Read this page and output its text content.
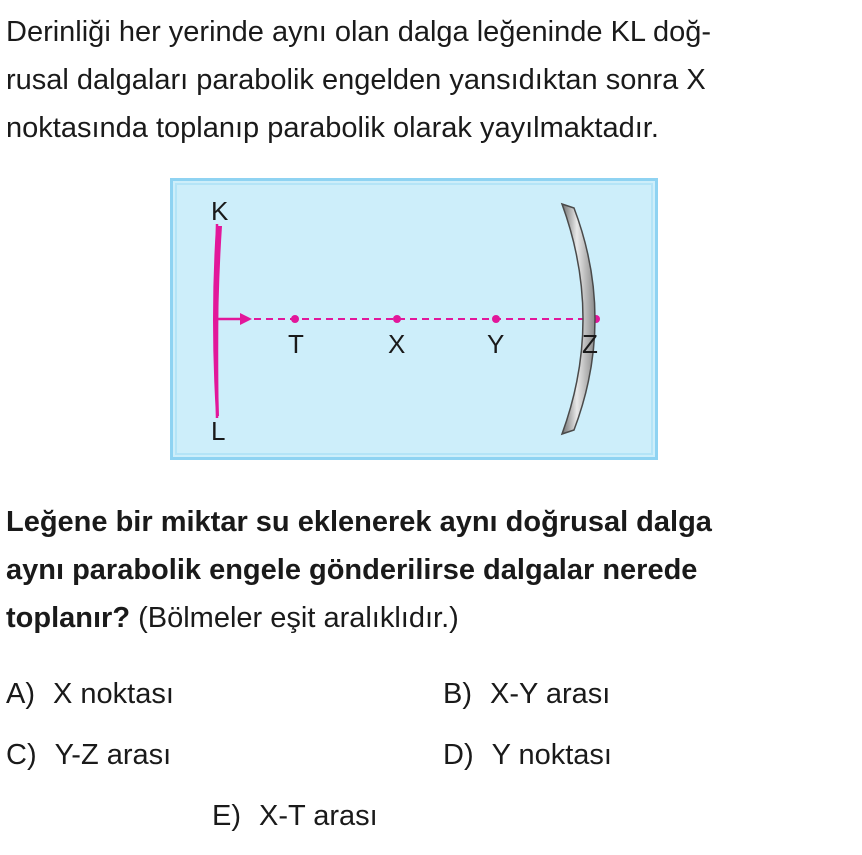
Derinliği her yerinde aynı olan dalga leğeninde KL doğ-
rusal dalgaları parabolik engelden yansıdıktan sonra X
noktasında toplanıp parabolik olarak yayılmaktadır.
K
L
T	X	Y	Z
Leğene bir miktar su eklenerek aynı doğrusal dalga
aynı parabolik engele gönderilirse dalgalar nerede
toplanır? (Bölmeler eşit aralıklıdır.)
A) X noktası	B) X-Y arası
C) Y-Z arası	D) Y noktası
E) X-T arası
